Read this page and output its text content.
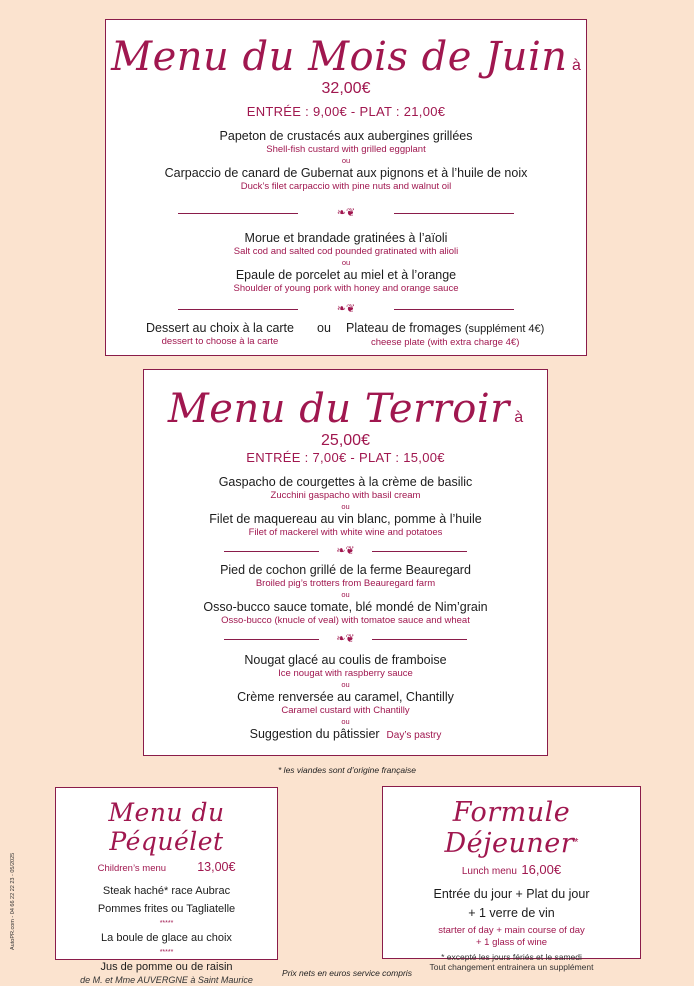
Menu du Mois de Juin à 32,00€
ENTRÉE : 9,00€ - PLAT : 21,00€
Papeton de crustacés aux aubergines grillées
Shell-fish custard with grilled eggplant
ou
Carpaccio de canard de Gubernat aux pignons et à l’huile de noix
Duck’s filet carpaccio with pine nuts and walnut oil
❧❦
Morue et brandade gratinées à l’aïoli
Salt cod and salted cod pounded gratinated with alioli
ou
Epaule de porcelet au miel et à l’orange
Shoulder of young pork with honey and orange sauce
❧❦
Dessert au choix à la carte
dessert to choose à la carte
ou Plateau de fromages (supplément 4€)
cheese plate (with extra charge 4€)
Menu du Terroir à 25,00€
ENTRÉE : 7,00€ - PLAT : 15,00€
Gaspacho de courgettes à la crème de basilic
Zucchini gaspacho with basil cream
ou
Filet de maquereau au vin blanc, pomme à l’huile
Filet of mackerel with white wine and potatoes
❧❦
Pied de cochon grillé de la ferme Beauregard
Broiled pig’s trotters from Beauregard farm
ou
Osso-bucco sauce tomate, blé mondé de Nim’grain
Osso-bucco (knucle of veal) with tomatoe sauce and wheat
❧❦
Nougat glacé au coulis de framboise
Ice nougat with raspberry sauce
ou
Crème renversée au caramel, Chantilly
Caramel custard with Chantilly
ou
Suggestion du pâtissier Day’s pastry
* les viandes sont d’origine française
Menu du Péquélet
Children’s menu 13,00€
Steak haché* race Aubrac
Pommes frites ou Tagliatelle
*****
La boule de glace au choix
*****
Jus de pomme ou de raisin
de M. et Mme AUVERGNE à Saint Maurice
Formule Déjeuner*
Lunch menu 16,00€
Entrée du jour + Plat du jour
+ 1 verre de vin
starter of day + main course of day
+ 1 glass of wine
* excepté les jours fériés et le samedi
Tout changement entrainera un supplément
Prix nets en euros service compris
AutoPR.com - 04 66 22 22 23 - 05/2025
